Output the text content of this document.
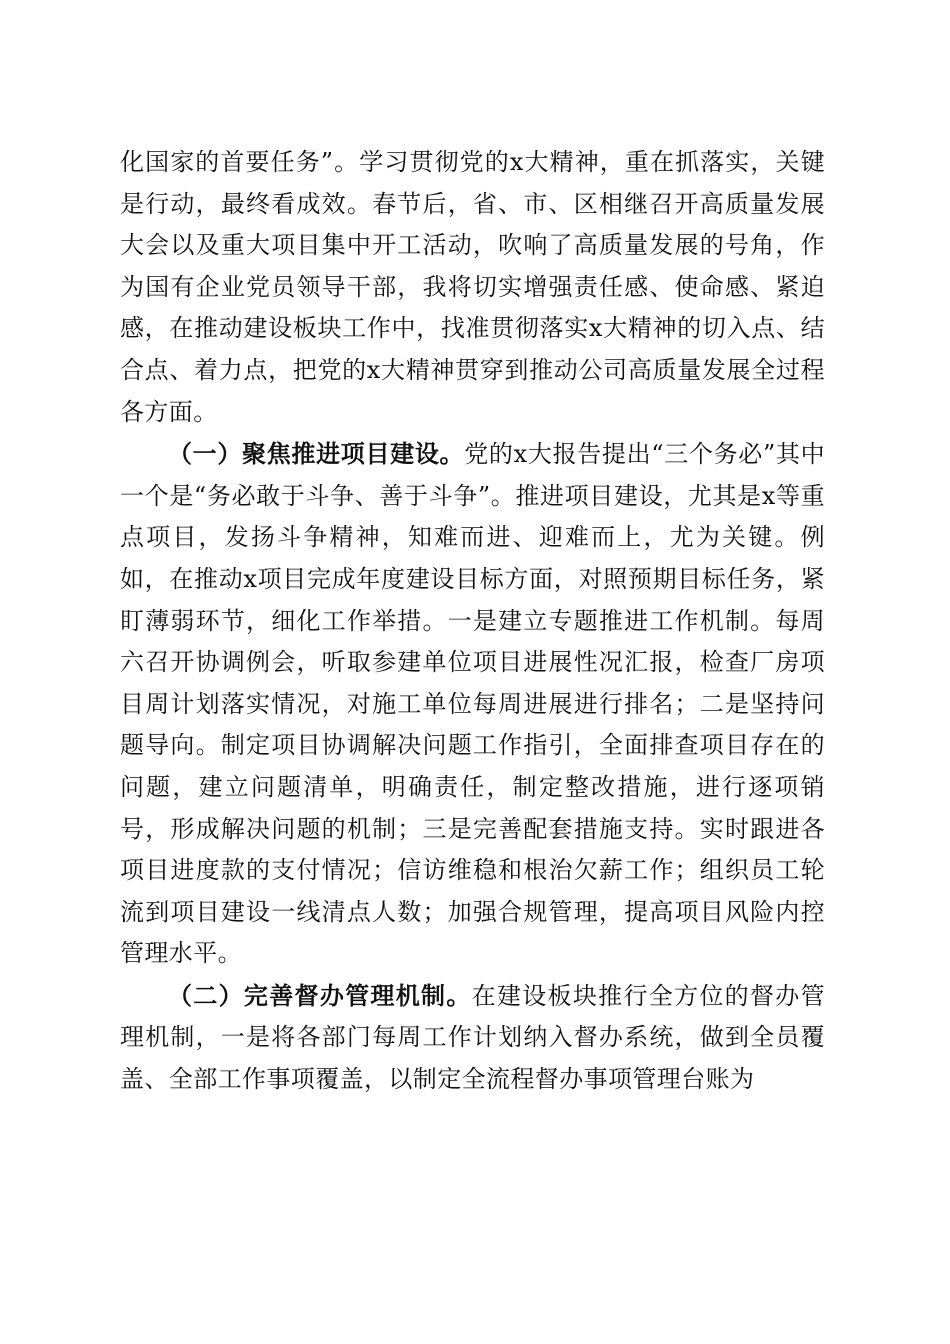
化国家的首要任务”。学习贯彻党的x大精神，重在抓落实，关键是行动，最终看成效。春节后，省、市、区相继召开高质量发展大会以及重大项目集中开工活动，吹响了高质量发展的号角，作为国有企业党员领导干部，我将切实增强责任感、使命感、紧迫感，在推动建设板块工作中，找准贯彻落实x大精神的切入点、结合点、着力点，把党的x大精神贯穿到推动公司高质量发展全过程各方面。

（一）聚焦推进项目建设。党的x大报告提出“三个务必”其中一个是“务必敢于斗争、善于斗争”。推进项目建设，尤其是x等重点项目，发扬斗争精神，知难而进、迎难而上，尤为关键。例如，在推动x项目完成年度建设目标方面，对照预期目标任务，紧盯薄弱环节，细化工作举措。一是建立专题推进工作机制。每周六召开协调例会，听取参建单位项目进展性况汇报，检查厂房项目周计划落实情况，对施工单位每周进展进行排名；二是坚持问题导向。制定项目协调解决问题工作指引，全面排查项目存在的问题，建立问题清单，明确责任，制定整改措施，进行逐项销号，形成解决问题的机制；三是完善配套措施支持。实时跟进各项目进度款的支付情况；信访维稳和根治欠薪工作；组织员工轮流到项目建设一线清点人数；加强合规管理，提高项目风险内控管理水平。

（二）完善督办管理机制。在建设板块推行全方位的督办管理机制，一是将各部门每周工作计划纳入督办系统，做到全员覆盖、全部工作事项覆盖，以制定全流程督办事项管理台账为
